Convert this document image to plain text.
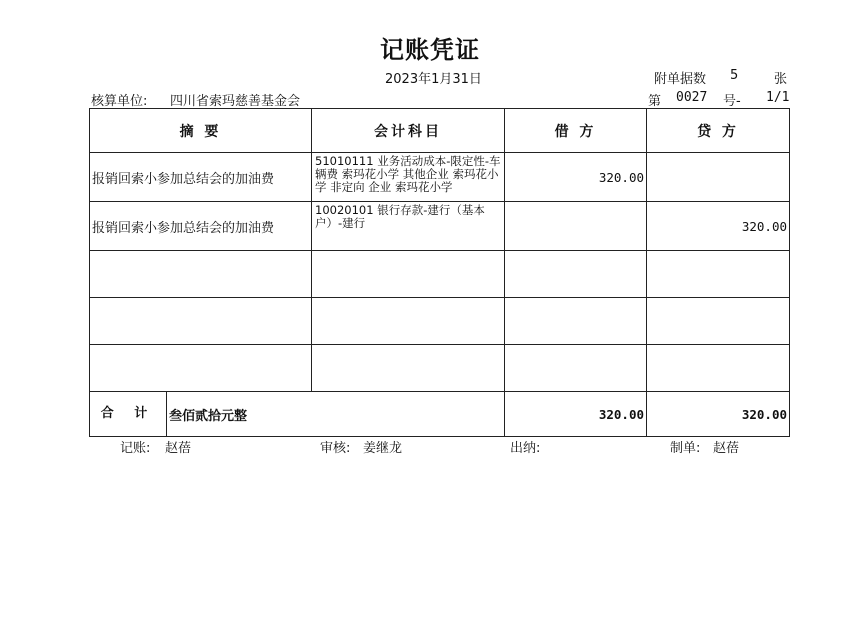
记账凭证
2023年1月31日	附单据数 5	张
核算单位: 四川省索玛慈善基金会	第 0027 号- 1/1
摘 要	会计科目	借 方	贷 方
报销回索小参加总结会的加油费	51010111 业务活动成本-限定性-车辆费 索玛花小学 其他企业 索玛花小学 非定向 企业 索玛花小学	320.00	
报销回索小参加总结会的加油费	10020101 银行存款-建行（基本户）-建行		320.00

合 计 叁佰贰拾元整		320.00	320.00
记账: 赵蓓	审核: 姜继龙	出纳:	制单: 赵蓓
